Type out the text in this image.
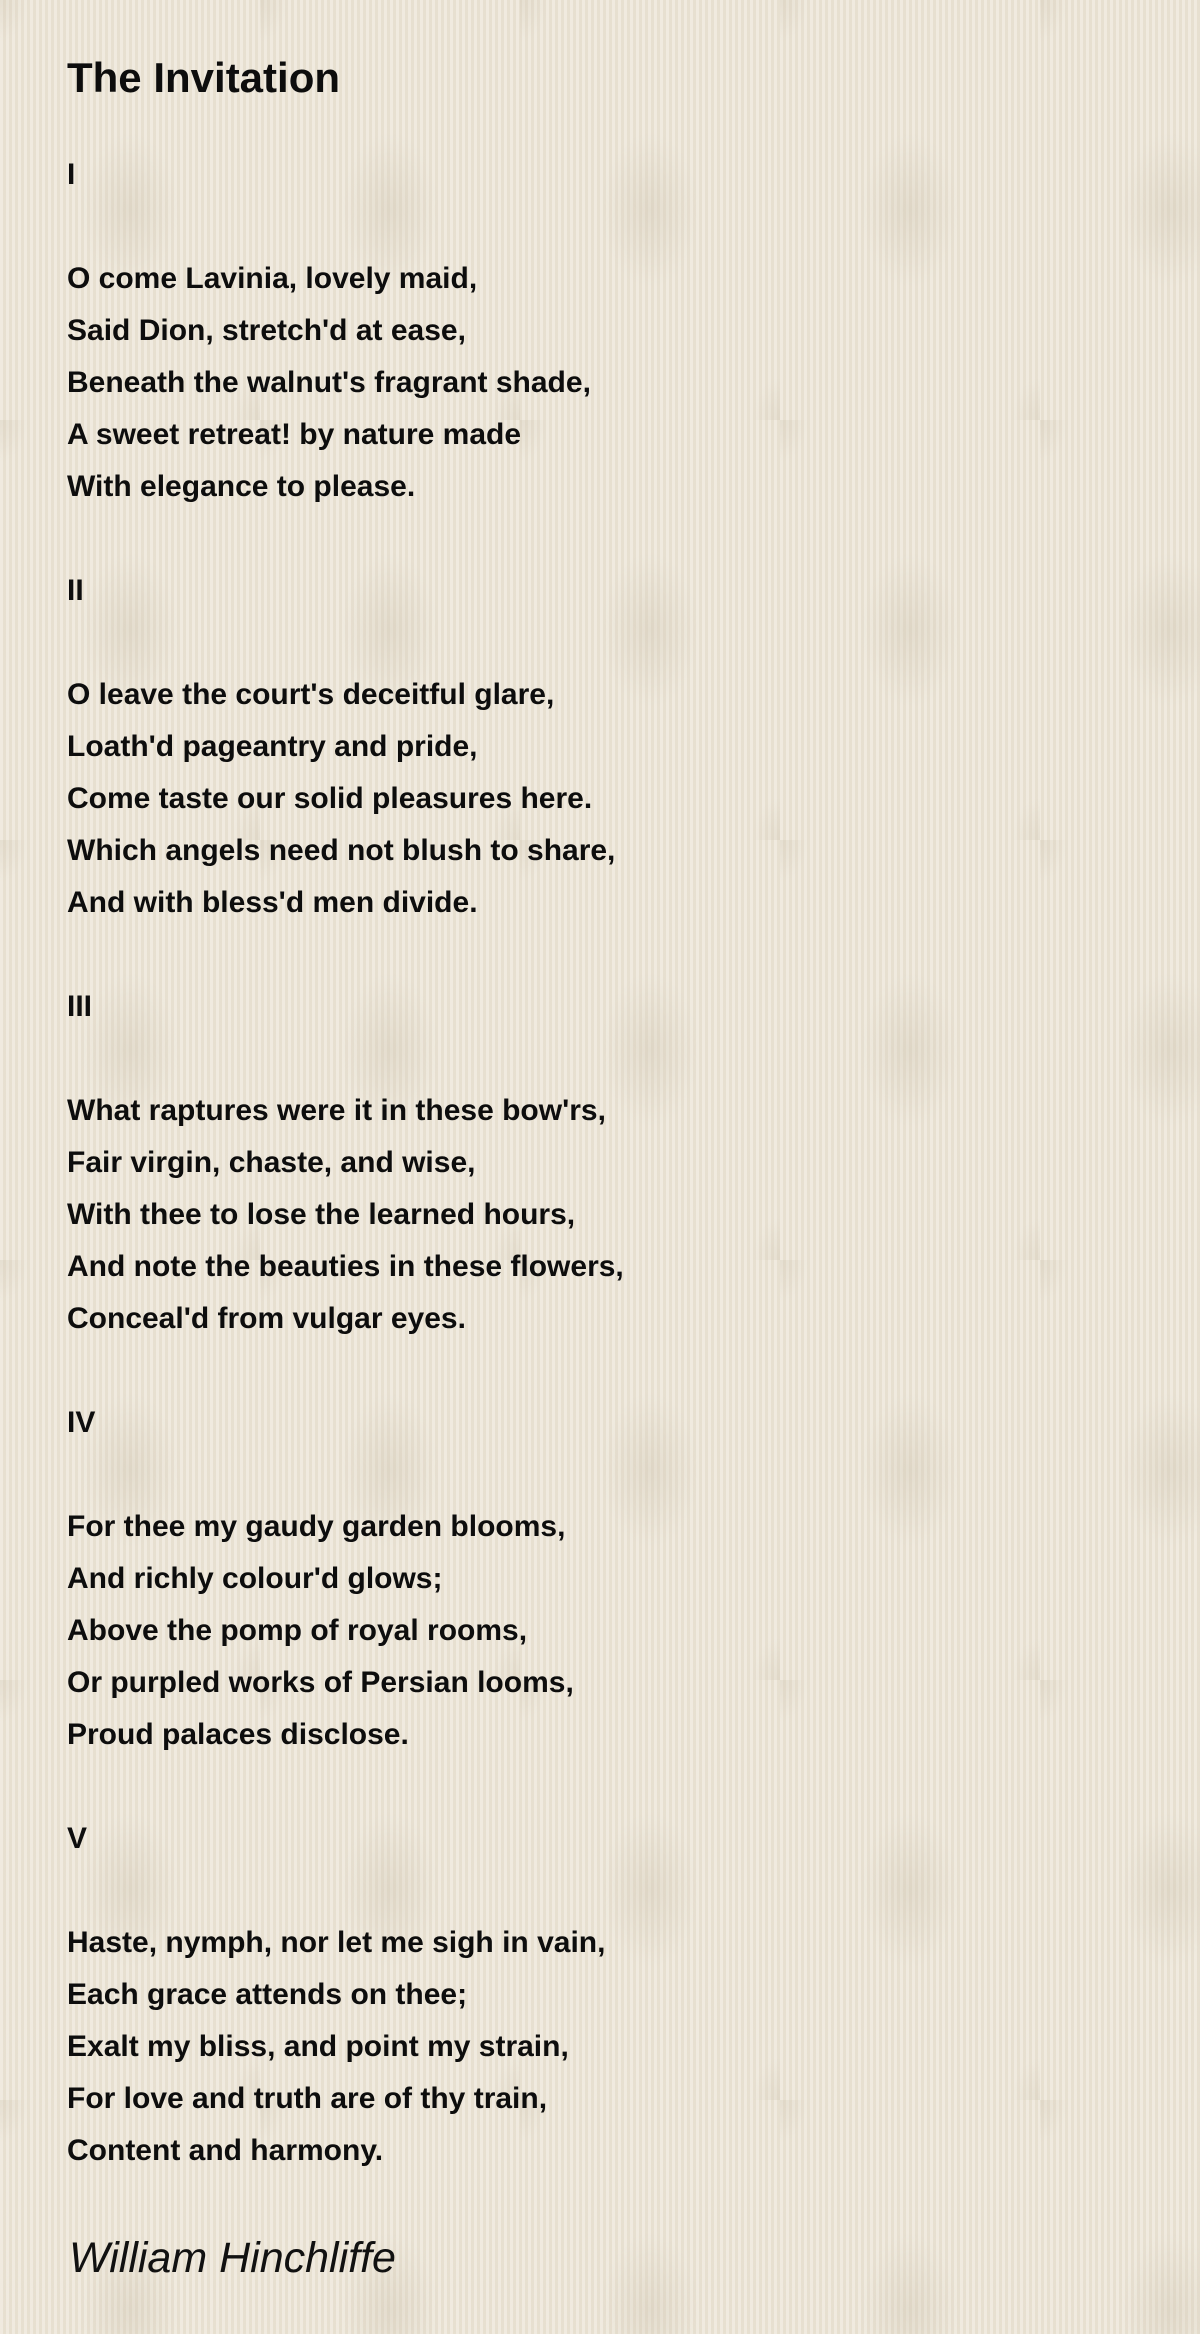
The Invitation
I
O come Lavinia, lovely maid,
Said Dion, stretch'd at ease,
Beneath the walnut's fragrant shade,
A sweet retreat! by nature made
With elegance to please.
II
O leave the court's deceitful glare,
Loath'd pageantry and pride,
Come taste our solid pleasures here.
Which angels need not blush to share,
And with bless'd men divide.
III
What raptures were it in these bow'rs,
Fair virgin, chaste, and wise,
With thee to lose the learned hours,
And note the beauties in these flowers,
Conceal'd from vulgar eyes.
IV
For thee my gaudy garden blooms,
And richly colour'd glows;
Above the pomp of royal rooms,
Or purpled works of Persian looms,
Proud palaces disclose.
V
Haste, nymph, nor let me sigh in vain,
Each grace attends on thee;
Exalt my bliss, and point my strain,
For love and truth are of thy train,
Content and harmony.
William Hinchliffe
